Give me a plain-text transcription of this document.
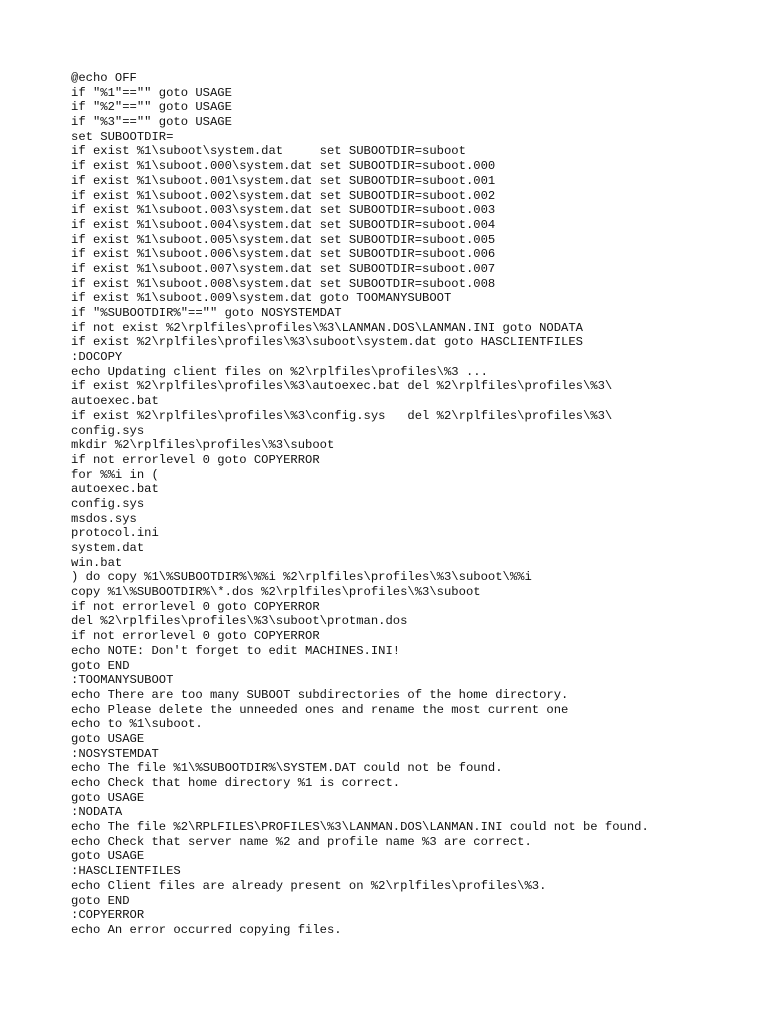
@echo OFF
if "%1"=="" goto USAGE
if "%2"=="" goto USAGE
if "%3"=="" goto USAGE
set SUBOOTDIR=
if exist %1\suboot\system.dat     set SUBOOTDIR=suboot
if exist %1\suboot.000\system.dat set SUBOOTDIR=suboot.000
if exist %1\suboot.001\system.dat set SUBOOTDIR=suboot.001
if exist %1\suboot.002\system.dat set SUBOOTDIR=suboot.002
if exist %1\suboot.003\system.dat set SUBOOTDIR=suboot.003
if exist %1\suboot.004\system.dat set SUBOOTDIR=suboot.004
if exist %1\suboot.005\system.dat set SUBOOTDIR=suboot.005
if exist %1\suboot.006\system.dat set SUBOOTDIR=suboot.006
if exist %1\suboot.007\system.dat set SUBOOTDIR=suboot.007
if exist %1\suboot.008\system.dat set SUBOOTDIR=suboot.008
if exist %1\suboot.009\system.dat goto TOOMANYSUBOOT
if "%SUBOOTDIR%"=="" goto NOSYSTEMDAT
if not exist %2\rplfiles\profiles\%3\LANMAN.DOS\LANMAN.INI goto NODATA
if exist %2\rplfiles\profiles\%3\suboot\system.dat goto HASCLIENTFILES
:DOCOPY
echo Updating client files on %2\rplfiles\profiles\%3 ...
if exist %2\rplfiles\profiles\%3\autoexec.bat del %2\rplfiles\profiles\%3\
autoexec.bat
if exist %2\rplfiles\profiles\%3\config.sys   del %2\rplfiles\profiles\%3\
config.sys
mkdir %2\rplfiles\profiles\%3\suboot
if not errorlevel 0 goto COPYERROR
for %%i in (
autoexec.bat
config.sys
msdos.sys
protocol.ini
system.dat
win.bat
) do copy %1\%SUBOOTDIR%\%%i %2\rplfiles\profiles\%3\suboot\%%i
copy %1\%SUBOOTDIR%\*.dos %2\rplfiles\profiles\%3\suboot
if not errorlevel 0 goto COPYERROR
del %2\rplfiles\profiles\%3\suboot\protman.dos
if not errorlevel 0 goto COPYERROR
echo NOTE: Don't forget to edit MACHINES.INI!
goto END
:TOOMANYSUBOOT
echo There are too many SUBOOT subdirectories of the home directory.
echo Please delete the unneeded ones and rename the most current one
echo to %1\suboot.
goto USAGE
:NOSYSTEMDAT
echo The file %1\%SUBOOTDIR%\SYSTEM.DAT could not be found.
echo Check that home directory %1 is correct.
goto USAGE
:NODATA
echo The file %2\RPLFILES\PROFILES\%3\LANMAN.DOS\LANMAN.INI could not be found.
echo Check that server name %2 and profile name %3 are correct.
goto USAGE
:HASCLIENTFILES
echo Client files are already present on %2\rplfiles\profiles\%3.
goto END
:COPYERROR
echo An error occurred copying files.
